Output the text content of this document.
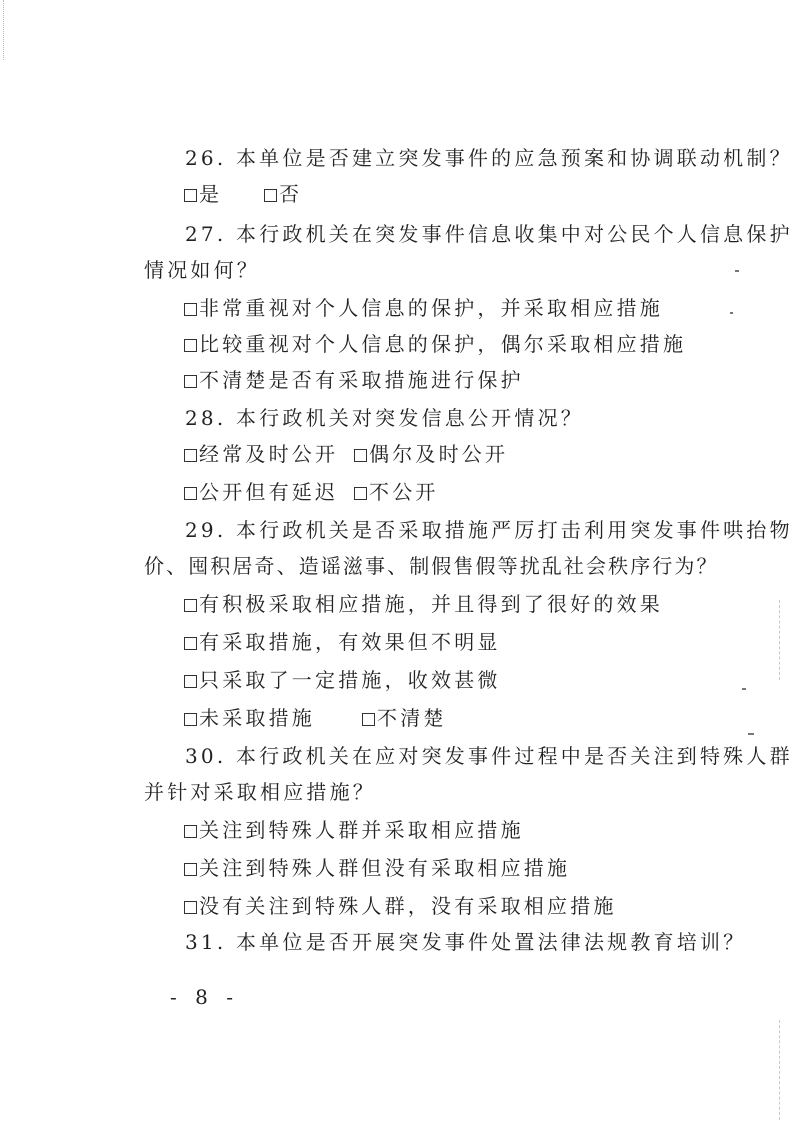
26. 本单位是否建立突发事件的应急预案和协调联动机制？
是	否
27. 本行政机关在突发事件信息收集中对公民个人信息保护
情况如何？
非常重视对个人信息的保护，并采取相应措施
比较重视对个人信息的保护，偶尔采取相应措施
不清楚是否有采取措施进行保护
28. 本行政机关对突发信息公开情况？
经常及时公开	偶尔及时公开
公开但有延迟	不公开
29. 本行政机关是否采取措施严厉打击利用突发事件哄抬物
价、囤积居奇、造谣滋事、制假售假等扰乱社会秩序行为？
有积极采取相应措施，并且得到了很好的效果
有采取措施，有效果但不明显
只采取了一定措施，收效甚微
未采取措施	不清楚
30. 本行政机关在应对突发事件过程中是否关注到特殊人群
并针对采取相应措施？
关注到特殊人群并采取相应措施
关注到特殊人群但没有采取相应措施
没有关注到特殊人群，没有采取相应措施
31. 本单位是否开展突发事件处置法律法规教育培训？
- 8 -
